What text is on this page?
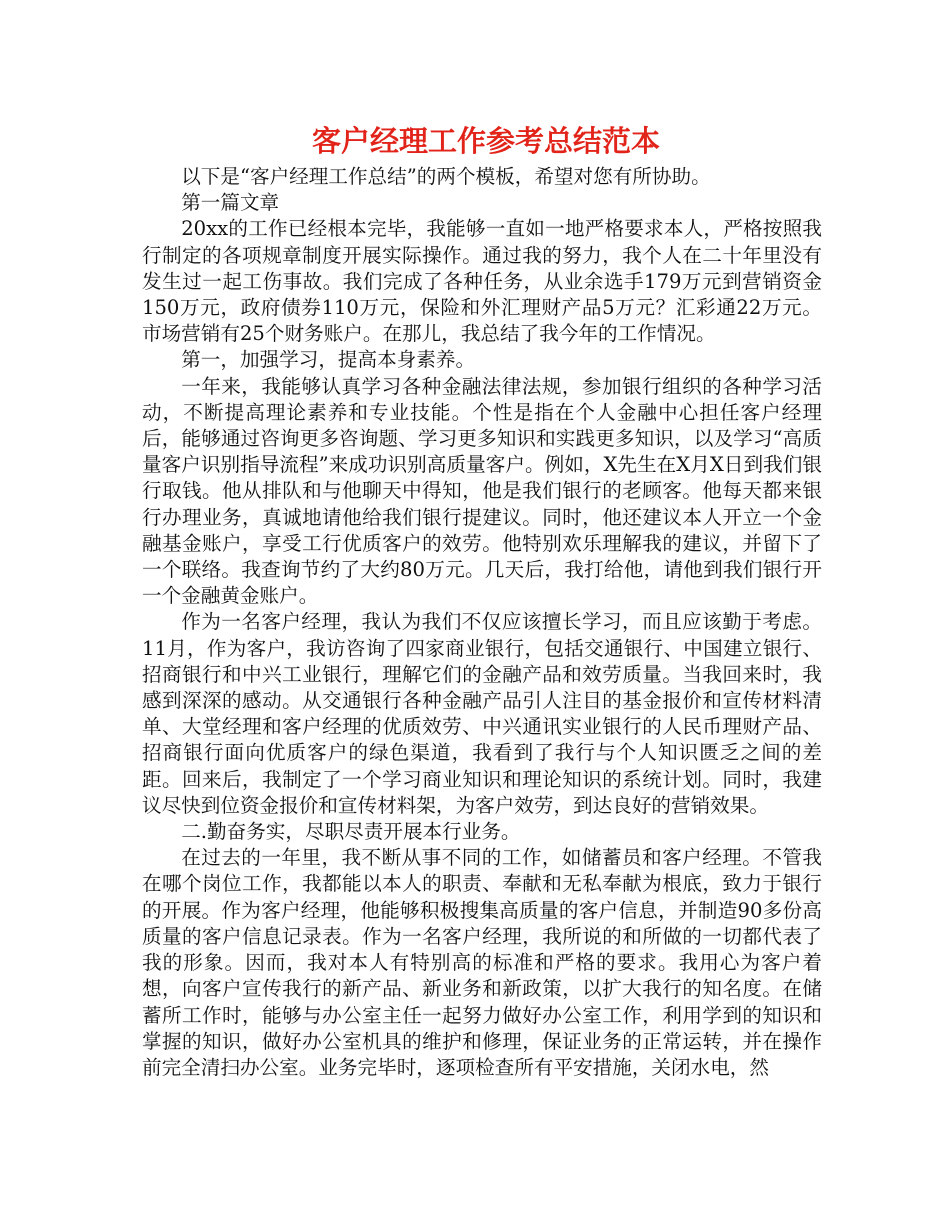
客户经理工作参考总结范本

以下是“客户经理工作总结”的两个模板，希望对您有所协助。

第一篇文章

20xx的工作已经根本完毕，我能够一直如一地严格要求本人，严格按照我行制定的各项规章制度开展实际操作。通过我的努力，我个人在二十年里没有发生过一起工伤事故。我们完成了各种任务，从业余选手179万元到营销资金150万元，政府债券110万元，保险和外汇理财产品5万元？汇彩通22万元。市场营销有25个财务账户。在那儿，我总结了我今年的工作情况。

第一，加强学习，提高本身素养。

一年来，我能够认真学习各种金融法律法规，参加银行组织的各种学习活动，不断提高理论素养和专业技能。个性是指在个人金融中心担任客户经理后，能够通过咨询更多咨询题、学习更多知识和实践更多知识，以及学习“高质量客户识别指导流程”来成功识别高质量客户。例如，X先生在X月X日到我们银行取钱。他从排队和与他聊天中得知，他是我们银行的老顾客。他每天都来银行办理业务，真诚地请他给我们银行提建议。同时，他还建议本人开立一个金融基金账户，享受工行优质客户的效劳。他特别欢乐理解我的建议，并留下了一个联络。我查询节约了大约80万元。几天后，我打给他，请他到我们银行开一个金融黄金账户。

作为一名客户经理，我认为我们不仅应该擅长学习，而且应该勤于考虑。11月，作为客户，我访咨询了四家商业银行，包括交通银行、中国建立银行、招商银行和中兴工业银行，理解它们的金融产品和效劳质量。当我回来时，我感到深深的感动。从交通银行各种金融产品引人注目的基金报价和宣传材料清单、大堂经理和客户经理的优质效劳、中兴通讯实业银行的人民币理财产品、招商银行面向优质客户的绿色渠道，我看到了我行与个人知识匮乏之间的差距。回来后，我制定了一个学习商业知识和理论知识的系统计划。同时，我建议尽快到位资金报价和宣传材料架，为客户效劳，到达良好的营销效果。

二.勤奋务实，尽职尽责开展本行业务。

在过去的一年里，我不断从事不同的工作，如储蓄员和客户经理。不管我在哪个岗位工作，我都能以本人的职责、奉献和无私奉献为根底，致力于银行的开展。作为客户经理，他能够积极搜集高质量的客户信息，并制造90多份高质量的客户信息记录表。作为一名客户经理，我所说的和所做的一切都代表了我的形象。因而，我对本人有特别高的标准和严格的要求。我用心为客户着想，向客户宣传我行的新产品、新业务和新政策，以扩大我行的知名度。在储蓄所工作时，能够与办公室主任一起努力做好办公室工作，利用学到的知识和掌握的知识，做好办公室机具的维护和修理，保证业务的正常运转，并在操作前完全清扫办公室。业务完毕时，逐项检查所有平安措施，关闭水电，然
